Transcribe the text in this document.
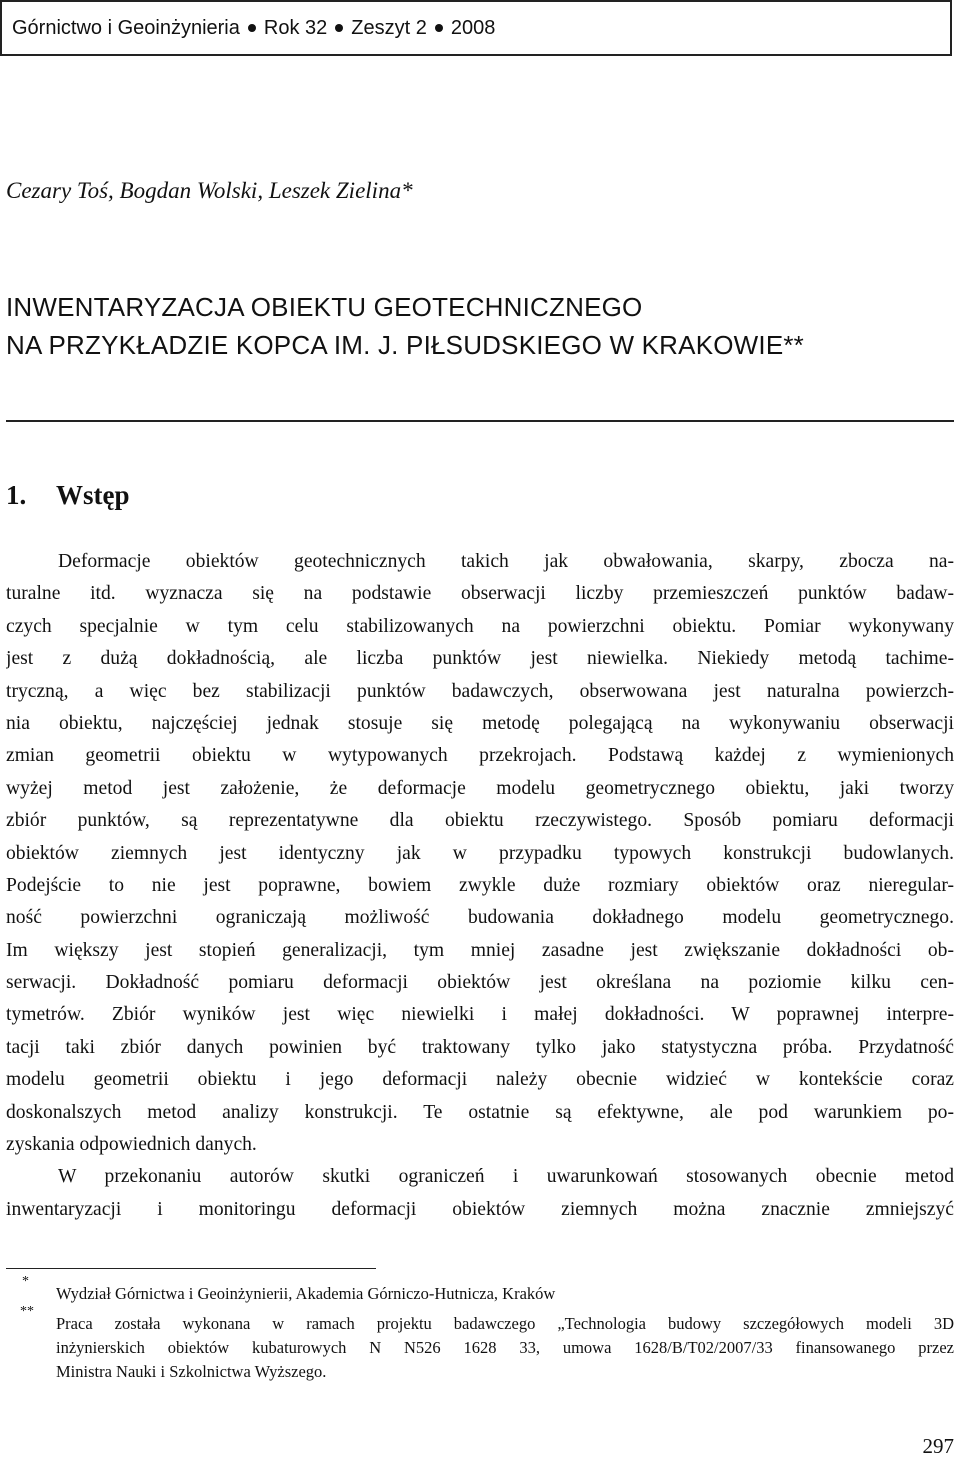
Górnictwo i Geoinżynieria Rok 32 Zeszyt 2 2008
Cezary Toś, Bogdan Wolski, Leszek Zielina*
INWENTARYZACJA OBIEKTU GEOTECHNICZNEGO
NA PRZYKŁADZIE KOPCA IM. J. PIŁSUDSKIEGO W KRAKOWIE**
1. Wstęp
Deformacje obiektów geotechnicznych takich jak obwałowania, skarpy, zbocza na-
turalne itd. wyznacza się na podstawie obserwacji liczby przemieszczeń punktów badaw-
czych specjalnie w tym celu stabilizowanych na powierzchni obiektu. Pomiar wykonywany
jest z dużą dokładnością, ale liczba punktów jest niewielka. Niekiedy metodą tachime-
tryczną, a więc bez stabilizacji punktów badawczych, obserwowana jest naturalna powierzch-
nia obiektu, najczęściej jednak stosuje się metodę polegającą na wykonywaniu obserwacji
zmian geometrii obiektu w wytypowanych przekrojach. Podstawą każdej z wymienionych
wyżej metod jest założenie, że deformacje modelu geometrycznego obiektu, jaki tworzy
zbiór punktów, są reprezentatywne dla obiektu rzeczywistego. Sposób pomiaru deformacji
obiektów ziemnych jest identyczny jak w przypadku typowych konstrukcji budowlanych.
Podejście to nie jest poprawne, bowiem zwykle duże rozmiary obiektów oraz nieregular-
ność powierzchni ograniczają możliwość budowania dokładnego modelu geometrycznego.
Im większy jest stopień generalizacji, tym mniej zasadne jest zwiększanie dokładności ob-
serwacji. Dokładność pomiaru deformacji obiektów jest określana na poziomie kilku cen-
tymetrów. Zbiór wyników jest więc niewielki i małej dokładności. W poprawnej interpre-
tacji taki zbiór danych powinien być traktowany tylko jako statystyczna próba. Przydatność
modelu geometrii obiektu i jego deformacji należy obecnie widzieć w kontekście coraz
doskonalszych metod analizy konstrukcji. Te ostatnie są efektywne, ale pod warunkiem po-
zyskania odpowiednich danych.
W przekonaniu autorów skutki ograniczeń i uwarunkowań stosowanych obecnie metod
inwentaryzacji i monitoringu deformacji obiektów ziemnych można znacznie zmniejszyć
*
Wydział Górnictwa i Geoinżynierii, Akademia Górniczo-Hutnicza, Kraków
**
Praca została wykonana w ramach projektu badawczego „Technologia budowy szczegółowych modeli 3D
inżynierskich obiektów kubaturowych N N526 1628 33, umowa 1628/B/T02/2007/33 finansowanego przez
Ministra Nauki i Szkolnictwa Wyższego.
297
